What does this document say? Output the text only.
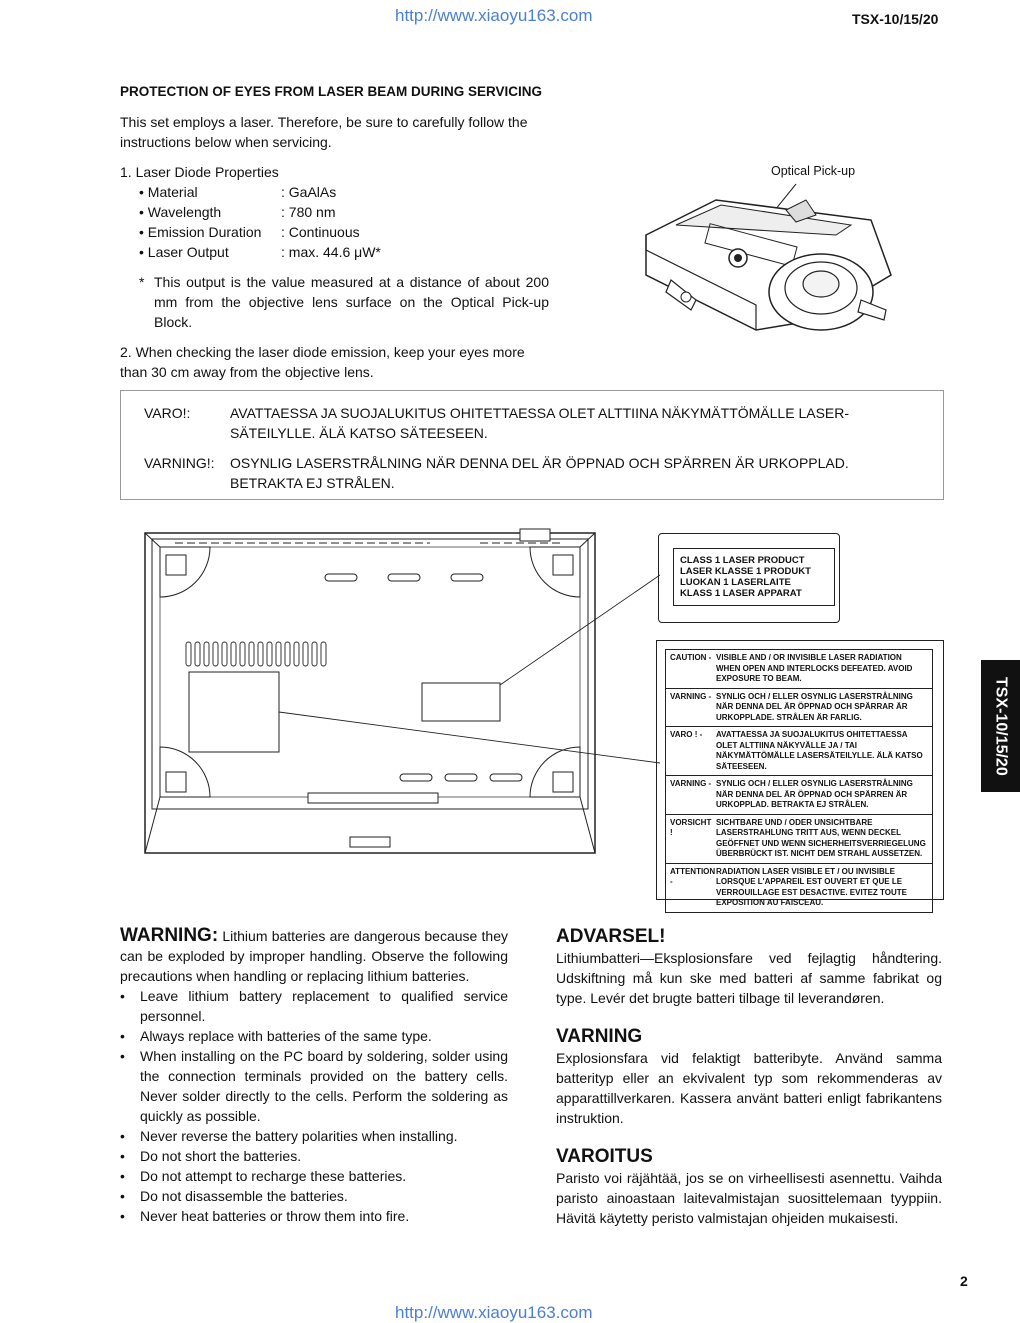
http://www.xiaoyu163.com	TSX-10/15/20
PROTECTION OF EYES FROM LASER BEAM DURING SERVICING
This set employs a laser. Therefore, be sure to carefully follow the instructions below when servicing.
1. Laser Diode Properties
• Material	: GaAlAs
• Wavelength	: 780 nm
• Emission Duration	: Continuous
• Laser Output	: max. 44.6 μW*
* This output is the value measured at a distance of about 200 mm from the objective lens surface on the Optical Pick-up Block.
2. When checking the laser diode emission, keep your eyes more than 30 cm away from the objective lens.
Optical Pick-up
VARO!:	AVATTAESSA JA SUOJALUKITUS OHITETTAESSA OLET ALTTIINA NÄKYMÄTTÖMÄLLE LASER-SÄTEILYLLE. ÄLÄ KATSO SÄTEESEEN.
VARNING!:	OSYNLIG LASERSTRÅLNING NÄR DENNA DEL ÄR ÖPPNAD OCH SPÄRREN ÄR URKOPPLAD. BETRAKTA EJ STRÅLEN.
CLASS 1 LASER PRODUCT
LASER KLASSE 1 PRODUKT
LUOKAN 1 LASERLAITE
KLASS 1 LASER APPARAT
CAUTION - VISIBLE AND / OR INVISIBLE LASER RADIATION WHEN OPEN AND INTERLOCKS DEFEATED. AVOID EXPOSURE TO BEAM.
VARNING - SYNLIG OCH / ELLER OSYNLIG LASERSTRÅLNING NÄR DENNA DEL ÄR ÖPPNAD OCH SPÄRRAR ÄR URKOPPLADE. STRÅLEN ÄR FARLIG.
VARO ! -	AVATTAESSA JA SUOJALUKITUS OHITETTAESSA OLET ALTTIINA NÄKYVÄLLE JA / TAI NÄKYMÄTTÖMÄLLE LASERSÄTEILYLLE. ÄLÄ KATSO SÄTEESEEN.
VARNING - SYNLIG OCH / ELLER OSYNLIG LASERSTRÅLNING NÄR DENNA DEL ÄR ÖPPNAD OCH SPÄRREN ÄR URKOPPLAD. BETRAKTA EJ STRÅLEN.
VORSICHT !
SICHTBARE UND / ODER UNSICHTBARE LASERSTRAHLUNG TRITT AUS, WENN DECKEL GEÖFFNET UND WENN SICHERHEITSVERRIEGELUNG ÜBERBRÜCKT IST. NICHT DEM STRAHL AUSSETZEN.
ATTENTION -
RADIATION LASER VISIBLE ET / OU INVISIBLE LORSQUE L'APPAREIL EST OUVERT ET QUE LE VERROUILLAGE EST DESACTIVE. EVITEZ TOUTE EXPOSITION AU FAISCEAU.
TSX-10/15/20
WARNING: Lithium batteries are dangerous because they can be exploded by improper handling. Observe the following precautions when handling or replacing lithium batteries.
•	Leave lithium battery replacement to qualified service personnel.
•	Always replace with batteries of the same type.
•	When installing on the PC board by soldering, solder using the connection terminals provided on the battery cells. Never solder directly to the cells. Perform the soldering as quickly as possible.
•	Never reverse the battery polarities when installing.
•	Do not short the batteries.
•	Do not attempt to recharge these batteries.
•	Do not disassemble the batteries.
•	Never heat batteries or throw them into fire.
ADVARSEL!
Lithiumbatteri—Eksplosionsfare ved fejlagtig håndtering. Udskiftning må kun ske med batteri af samme fabrikat og type. Levér det brugte batteri tilbage til leverandøren.
VARNING
Explosionsfara vid felaktigt batteribyte. Använd samma batterityp eller an ekvivalent typ som rekommenderas av apparattillverkaren. Kassera använt batteri enligt fabrikantens instruktion.
VAROITUS
Paristo voi räjähtää, jos se on virheellisesti asennettu. Vaihda paristo ainoastaan laitevalmistajan suosittelemaan tyyppiin. Hävitä käytetty peristo valmistajan ohjeiden mukaisesti.
2
http://www.xiaoyu163.com
